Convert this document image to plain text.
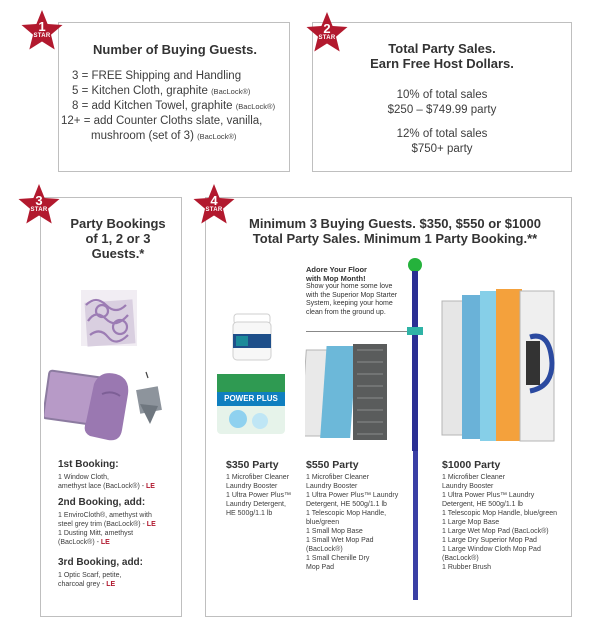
1
STAR
Number of Buying Guests.
3 = FREE Shipping and Handling
5 = Kitchen Cloth, graphite (BacLock®)
8 = add Kitchen Towel, graphite (BacLock®)
12+ = add Counter Cloths slate, vanilla,
mushroom (set of 3) (BacLock®)
2
STAR
Total Party Sales.
Earn Free Host Dollars.
10% of total sales
$250 – $749.99 party
12% of total sales
$750+ party
3
STAR
Party Bookings
of 1, 2 or 3
Guests.*
1st Booking:
1 Window Cloth,
amethyst lace (BacLock®) - LE
2nd Booking, add:
1 EnviroCloth®, amethyst with
steel grey trim (BacLock®) - LE
1 Dusting Mitt, amethyst
(BacLock®) - LE
3rd Booking, add:
1 Optic Scarf, petite,
charcoal grey - LE
4
STAR
Minimum 3 Buying Guests. $350, $550 or $1000
Total Party Sales. Minimum 1 Party Booking.**
Adore Your Floor
with Mop Month!
Show your home some love
with the Superior Mop Starter
System, keeping your home
clean from the ground up.
POWER PLUS
$350 Party
1 Microfiber Cleaner
Laundry Booster
1 Ultra Power Plus™
Laundry Detergent,
HE 500g/1.1 lb
$550 Party
1 Microfiber Cleaner
Laundry Booster
1 Ultra Power Plus™ Laundry
Detergent, HE 500g/1.1 lb
1 Telescopic Mop Handle,
blue/green
1 Small Mop Base
1 Small Wet Mop Pad
(BacLock®)
1 Small Chenille Dry
Mop Pad
$1000 Party
1 Microfiber Cleaner
Laundry Booster
1 Ultra Power Plus™ Laundry
Detergent, HE 500g/1.1 lb
1 Telescopic Mop Handle, blue/green
1 Large Mop Base
1 Large Wet Mop Pad (BacLock®)
1 Large Dry Superior Mop Pad
1 Large Window Cloth Mop Pad
(BacLock®)
1 Rubber Brush
